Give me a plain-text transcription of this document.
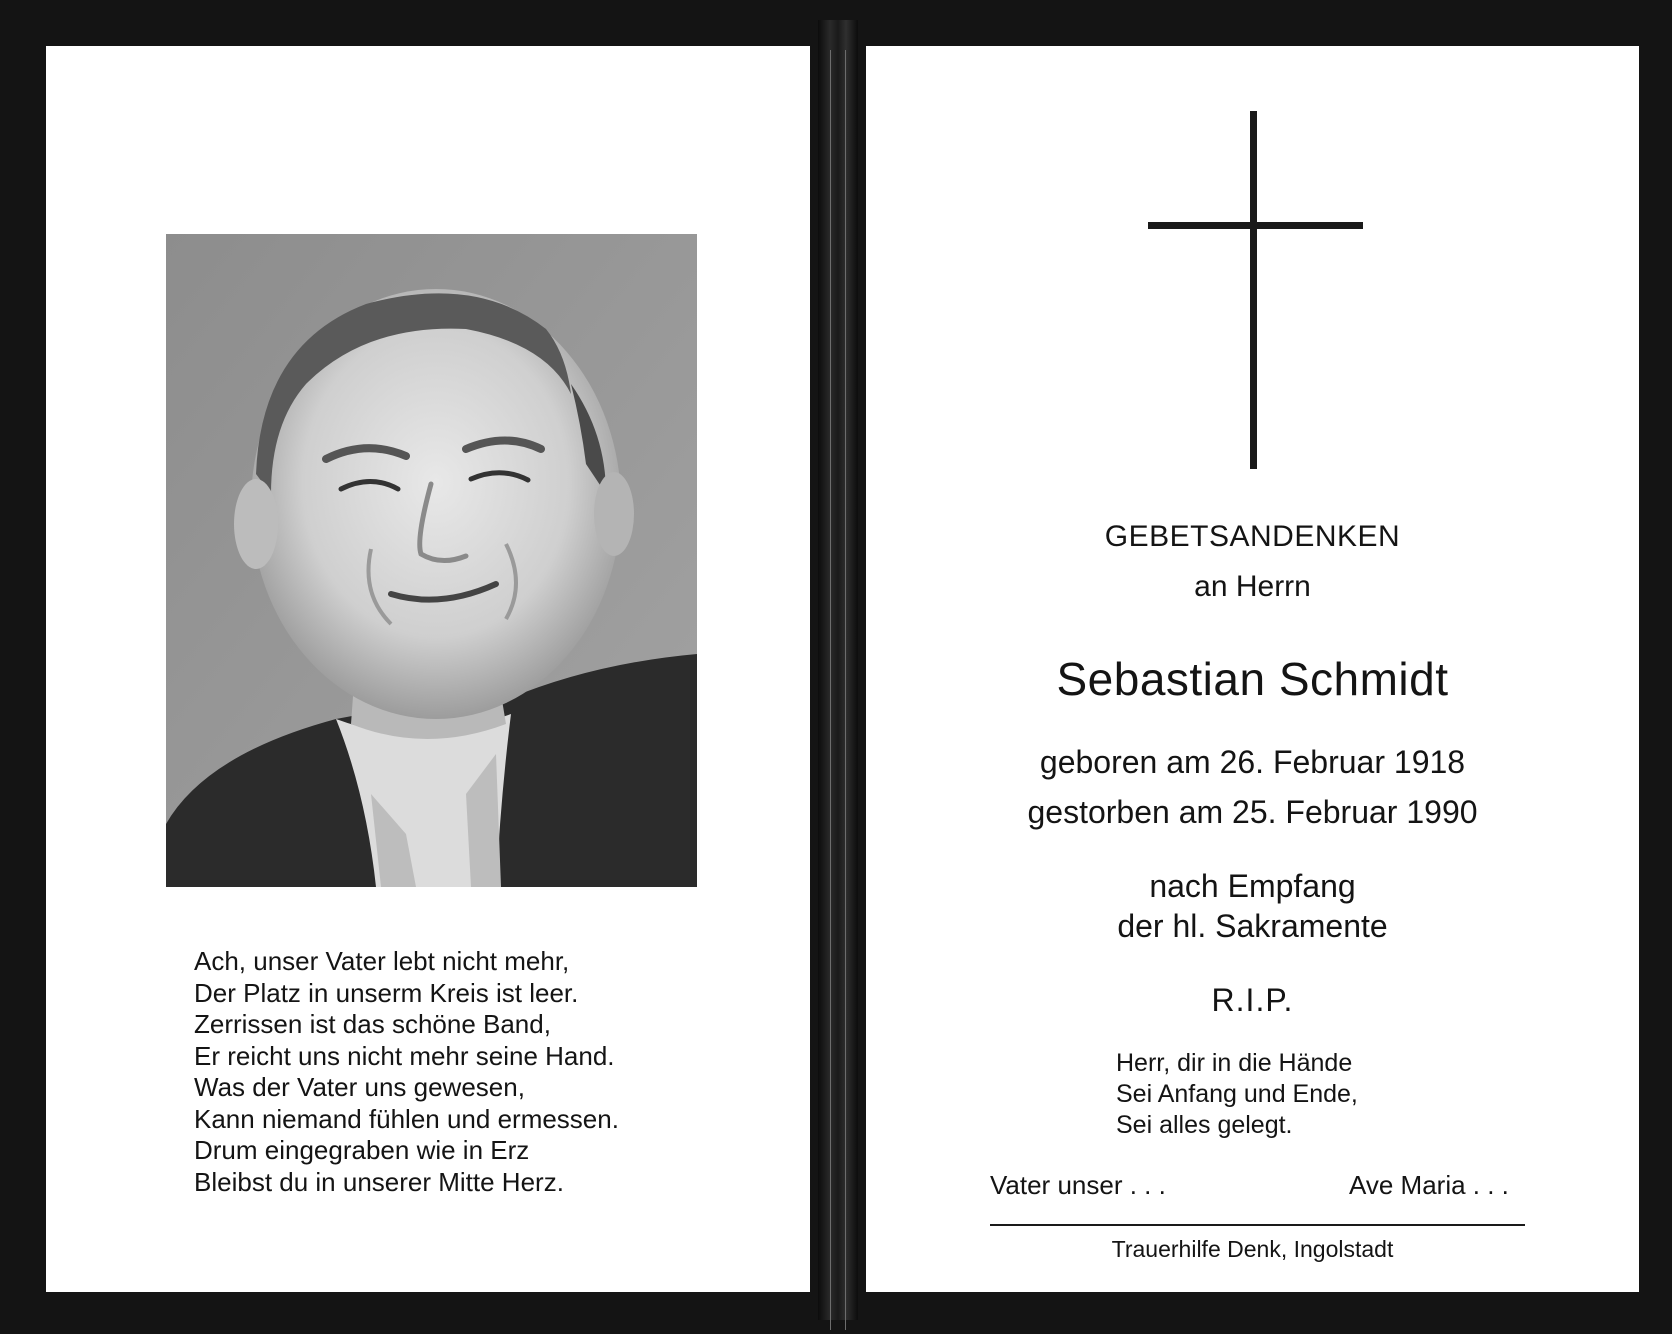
Ach, unser Vater lebt nicht mehr,
Der Platz in unserm Kreis ist leer.
Zerrissen ist das schöne Band,
Er reicht uns nicht mehr seine Hand.
Was der Vater uns gewesen,
Kann niemand fühlen und ermessen.
Drum eingegraben wie in Erz
Bleibst du in unserer Mitte Herz.
GEBETSANDENKEN
an Herrn
Sebastian Schmidt
geboren am 26. Februar 1918
gestorben am 25. Februar 1990
nach Empfang
der hl. Sakramente
R.I.P.
Herr, dir in die Hände
Sei Anfang und Ende,
Sei alles gelegt.
Vater unser . . .	Ave Maria . . .
Trauerhilfe Denk, Ingolstadt
